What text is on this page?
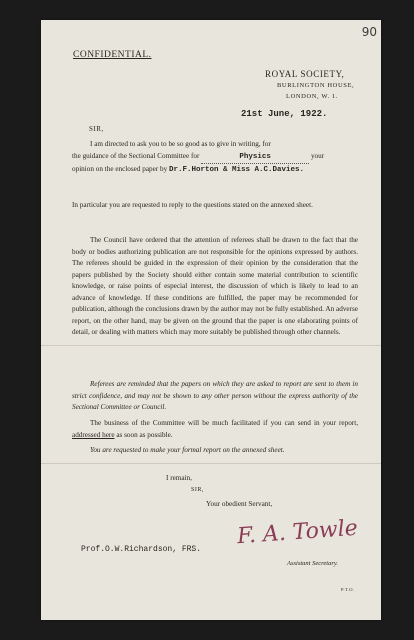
90
CONFIDENTIAL.
ROYAL SOCIETY,
BURLINGTON HOUSE,
LONDON, W. 1.
21st June, 1922.
SIR,
I am directed to ask you to be so good as to give in writing, for
the guidance of the Sectional Committee for	Physics	your
opinion on the enclosed paper by Dr.F.Horton & Miss A.C.Davies.
In particular you are requested to reply to the questions stated on the annexed sheet.
The Council have ordered that the attention of referees shall be drawn to the fact that the body or bodies authorizing publication are not responsible for the opinions expressed by authors. The referees should be guided in the expression of their opinion by the consideration that the papers published by the Society should either contain some material contribution to scientific knowledge, or raise points of especial interest, the discussion of which is likely to lead to an advance of knowledge. If these conditions are fulfilled, the paper may be recommended for publication, although the conclusions drawn by the author may not be fully established. An adverse report, on the other hand, may be given on the ground that the paper is one elaborating points of detail, or dealing with matters which may more suitably be published through other channels.
Referees are reminded that the papers on which they are asked to report are sent to them in strict confidence, and may not be shown to any other person without the express authority of the Sectional Committee or Council.
The business of the Committee will be much facilitated if you can send in your report, addressed here as soon as possible.
You are requested to make your formal report on the annexed sheet.
I remain,
SIR,
Your obedient Servant,
F. A. Towle
Assistant Secretary.
Prof.O.W.Richardson, FRS.
P.T.O.
